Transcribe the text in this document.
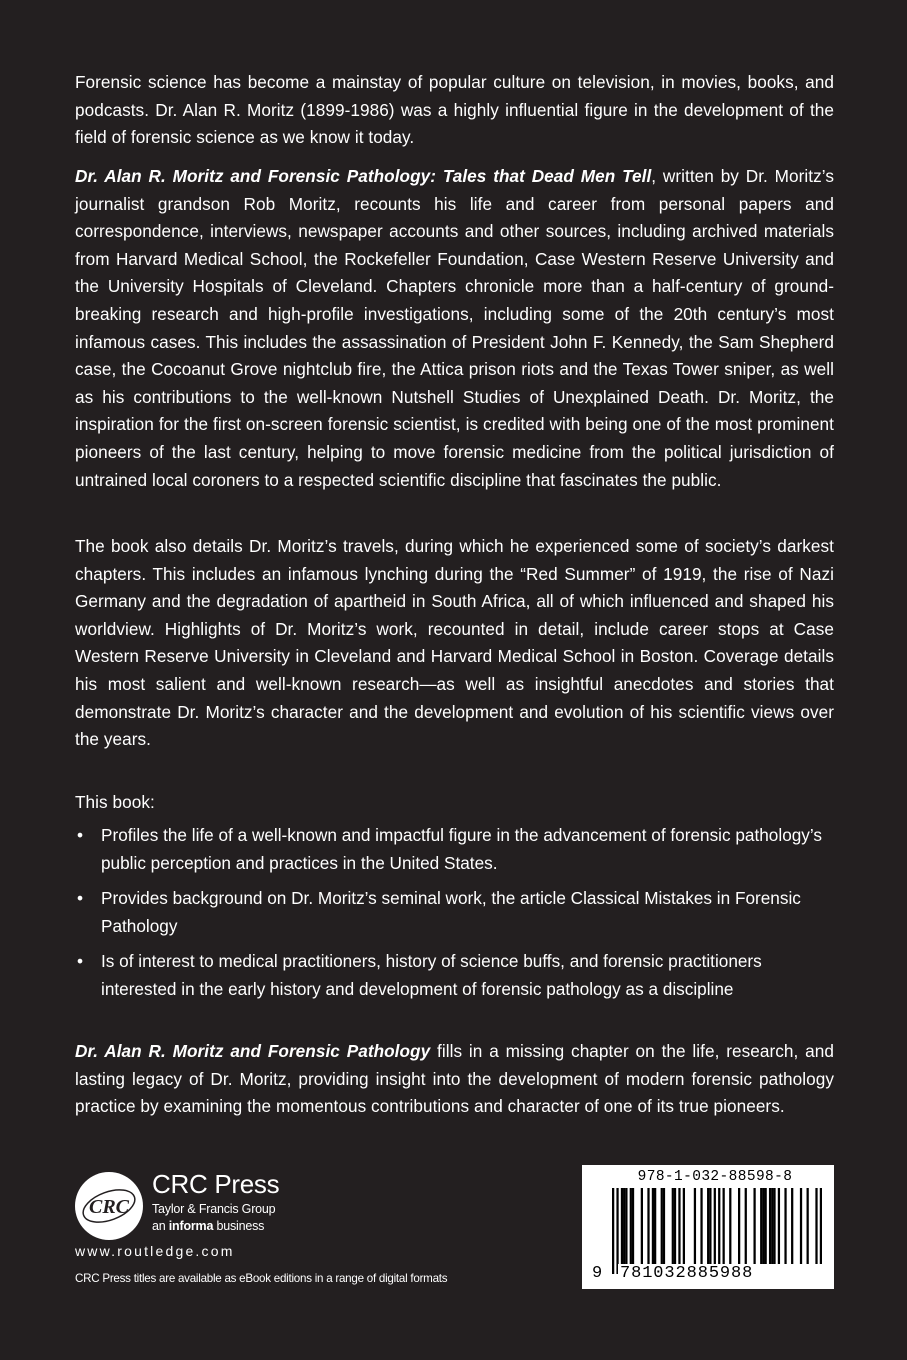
Forensic science has become a mainstay of popular culture on television, in movies, books, and podcasts. Dr. Alan R. Moritz (1899-1986) was a highly influential figure in the development of the field of forensic science as we know it today.
Dr. Alan R. Moritz and Forensic Pathology: Tales that Dead Men Tell, written by Dr. Moritz’s journalist grandson Rob Moritz, recounts his life and career from personal papers and correspondence, interviews, newspaper accounts and other sources, including archived materials from Harvard Medical School, the Rockefeller Foundation, Case Western Reserve University and the University Hospitals of Cleveland. Chapters chronicle more than a half-century of ground-breaking research and high-profile investigations, including some of the 20th century’s most infamous cases. This includes the assassination of President John F. Kennedy, the Sam Shepherd case, the Cocoanut Grove nightclub fire, the Attica prison riots and the Texas Tower sniper, as well as his contributions to the well-known Nutshell Studies of Unexplained Death. Dr. Moritz, the inspiration for the first on-screen forensic scientist, is credited with being one of the most prominent pioneers of the last century, helping to move forensic medicine from the political jurisdiction of untrained local coroners to a respected scientific discipline that fascinates the public.
The book also details Dr. Moritz’s travels, during which he experienced some of society’s darkest chapters. This includes an infamous lynching during the “Red Summer” of 1919, the rise of Nazi Germany and the degradation of apartheid in South Africa, all of which influenced and shaped his worldview. Highlights of Dr. Moritz’s work, recounted in detail, include career stops at Case Western Reserve University in Cleveland and Harvard Medical School in Boston. Coverage details his most salient and well-known research—as well as insightful anecdotes and stories that demonstrate Dr. Moritz’s character and the development and evolution of his scientific views over the years.
This book:
• Profiles the life of a well-known and impactful figure in the advancement of forensic pathology’s public perception and practices in the United States.
• Provides background on Dr. Moritz’s seminal work, the article Classical Mistakes in Forensic Pathology
• Is of interest to medical practitioners, history of science buffs, and forensic practitioners interested in the early history and development of forensic pathology as a discipline
Dr. Alan R. Moritz and Forensic Pathology fills in a missing chapter on the life, research, and lasting legacy of Dr. Moritz, providing insight into the development of modern forensic pathology practice by examining the momentous contributions and character of one of its true pioneers.
CRC
CRC Press
Taylor & Francis Group
an informa business
www.routledge.com
CRC Press titles are available as eBook editions in a range of digital formats
978-1-032-88598-8
9 781032885988
